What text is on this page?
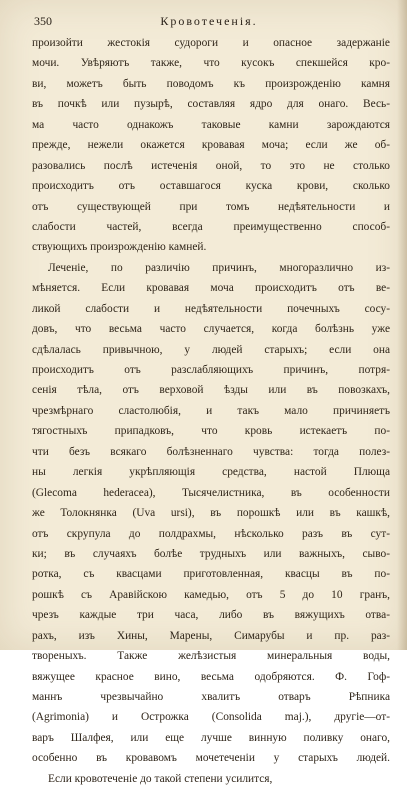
350	Кровотеченія.
произойти жестокія судороги и опасное задержаніе
мочи. Увѣряютъ также, что кусокъ спекшейся кро-
ви, можетъ быть поводомъ къ произрожденію камня
въ почкѣ или пузырѣ, составляя ядро для онаго. Весь-
ма часто однакожъ таковые камни зарождаются
прежде, нежели окажется кровавая моча; если же об-
разовались послѣ истеченія оной, то это не столько
происходитъ отъ оставшагося куска крови, сколько
отъ существующей при томъ недѣятельности и
слабости частей, всегда преимущественно способ-
ствующихъ произрожденію камней.
Леченіе, по различію причинъ, многоразлично из-
мѣняется. Если кровавая моча происходитъ отъ ве-
ликой слабости и недѣятельности почечныхъ сосу-
довъ, что весьма часто случается, когда болѣзнь уже
сдѣлалась привычною, у людей старыхъ; если она
происходитъ отъ разслабляющихъ причинъ, потря-
сенія тѣла, отъ верховой ѣзды или въ повозкахъ,
чрезмѣрнаго сластолюбія, и такъ мало причиняетъ
тягостныхъ припадковъ, что кровь истекаетъ по-
чти безъ всякаго болѣзненнаго чувства: тогда полез-
ны легкія укрѣпляющія средства, настой Плюща
(Glecoma hederacea), Тысячелистника, въ особенности
же Толокнянка (Uva ursi), въ порошкѣ или въ кашкѣ,
отъ скрупула до полдрахмы, нѣсколько разъ въ сут-
ки; въ случаяхъ болѣе трудныхъ или важныхъ, сыво-
ротка, съ квасцами приготовленная, квасцы въ по-
рошкѣ съ Аравійскою камедью, отъ 5 до 10 гранъ,
чрезъ каждые три часа, либо въ вяжущихъ отва-
рахъ, изъ Хины, Марены, Симарубы и пр. раз-
твореныхъ. Также желѣзистыя минеральныя воды,
вяжущее красное вино, весьма одобряются. Ф. Гоф-
маннъ чрезвычайно хвалитъ отваръ Рѣпника
(Agrimonia) и Острожка (Consolida maj.), другіе—от-
варъ Шалфея, или еще лучше винную поливку онаго,
особенно въ кровавомъ мочетеченіи у старыхъ людей.
Если кровотеченіе до такой степени усилится,
